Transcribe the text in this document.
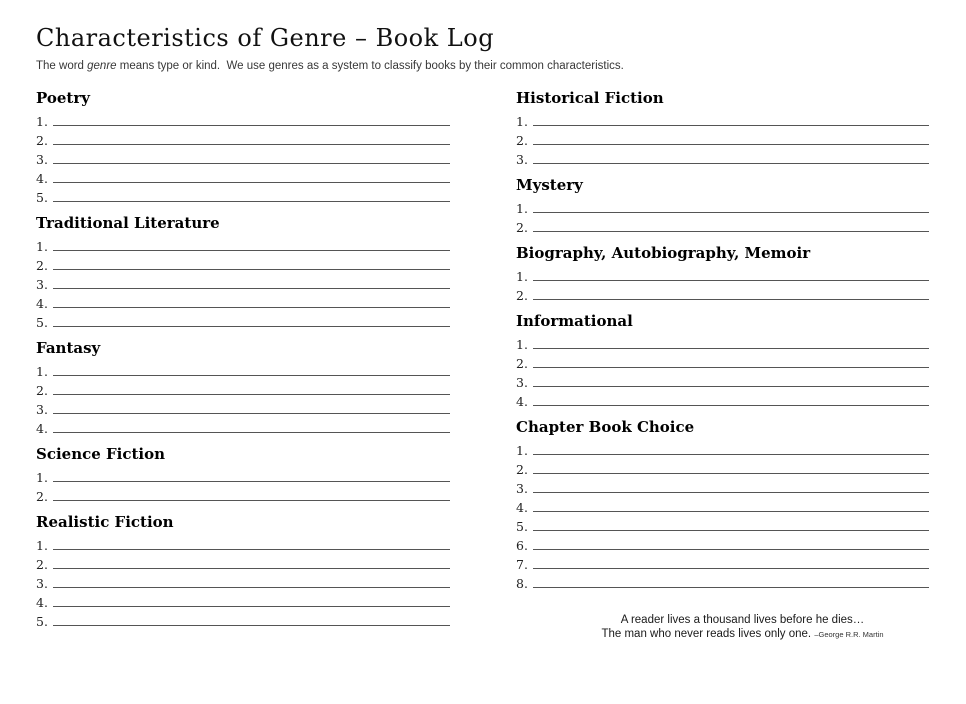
Characteristics of Genre – Book Log
The word genre means type or kind.  We use genres as a system to classify books by their common characteristics.
Poetry
1.
2.
3.
4.
5.
Traditional Literature
1.
2.
3.
4.
5.
Fantasy
1.
2.
3.
4.
Science Fiction
1.
2.
Realistic Fiction
1.
2.
3.
4.
5.
Historical Fiction
1.
2.
3.
Mystery
1.
2.
Biography, Autobiography, Memoir
1.
2.
Informational
1.
2.
3.
4.
Chapter Book Choice
1.
2.
3.
4.
5.
6.
7.
8.
A reader lives a thousand lives before he dies…
The man who never reads lives only one. –George R.R. Martin
